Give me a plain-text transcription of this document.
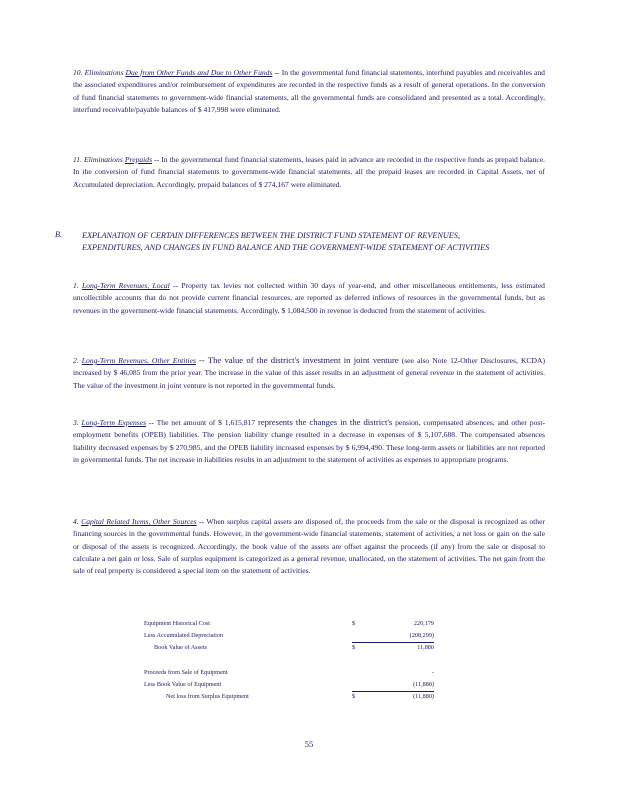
10. Eliminations Due from Other Funds and Due to Other Funds -- In the governmental fund financial statements, interfund payables and receivables and the associated expenditures and/or reimbursement of expenditures are recorded in the respective funds as a result of general operations. In the conversion of fund financial statements to government-wide financial statements, all the governmental funds are consolidated and presented as a total. Accordingly, interfund receivable/payable balances of $ 417,998 were eliminated.

11. Eliminations Prepaids -- In the governmental fund financial statements, leases paid in advance are recorded in the respective funds as prepaid balance. In the conversion of fund financial statements to government-wide financial statements, all the prepaid leases are recorded in Capital Assets, net of Accumulated depreciation. Accordingly, prepaid balances of $ 274,167 were eliminated.

B. EXPLANATION OF CERTAIN DIFFERENCES BETWEEN THE DISTRICT FUND STATEMENT OF REVENUES, EXPENDITURES, AND CHANGES IN FUND BALANCE AND THE GOVERNMENT-WIDE STATEMENT OF ACTIVITIES

1. Long-Term Revenues, Local -- Property tax levies not collected within 30 days of year-end, and other miscellaneous entitlements, less estimated uncollectible accounts that do not provide current financial resources, are reported as deferred inflows of resources in the governmental funds, but as revenues in the government-wide financial statements. Accordingly, $ 1,084,500 in revenue is deducted from the statement of activities.

2. Long-Term Revenues, Other Entities -- The value of the district's investment in joint venture (see also Note 12-Other Disclosures, KCDA) increased by $ 46,085 from the prior year. The increase in the value of this asset results in an adjustment of general revenue in the statement of activities. The value of the investment in joint venture is not reported in the governmental funds.

3. Long-Term Expenses -- The net amount of $ 1,615,817 represents the changes in the district's pension, compensated absences, and other post-employment benefits (OPEB) liabilities. The pension liability change resulted in a decrease in expenses of $ 5,107,688. The compensated absences liability decreased expenses by $ 270,985, and the OPEB liability increased expenses by $ 6,994,490. These long-term assets or liabilities are not reported in governmental funds. The net increase in liabilities results in an adjustment to the statement of activities as expenses to appropriate programs.

4. Capital Related Items, Other Sources -- When surplus capital assets are disposed of, the proceeds from the sale or the disposal is recognized as other financing sources in the governmental funds. However, in the government-wide financial statements, statement of activities, a net loss or gain on the sale or disposal of the assets is recognized. Accordingly, the book value of the assets are offset against the proceeds (if any) from the sale or disposal to calculate a net gain or loss. Sale of surplus equipment is categorized as a general revenue, unallocated, on the statement of activities. The net gain from the sale of real property is considered a special item on the statement of activities.

Equipment Historical Cost	$	220,179
Less Accumulated Depreciation	(208,299)
Book Value of Assets	$	11,880
Proceeds from Sale of Equipment	-
Less Book Value of Equipment	(11,880)
Net loss from Surplus Equipment	$	(11,880)
55
